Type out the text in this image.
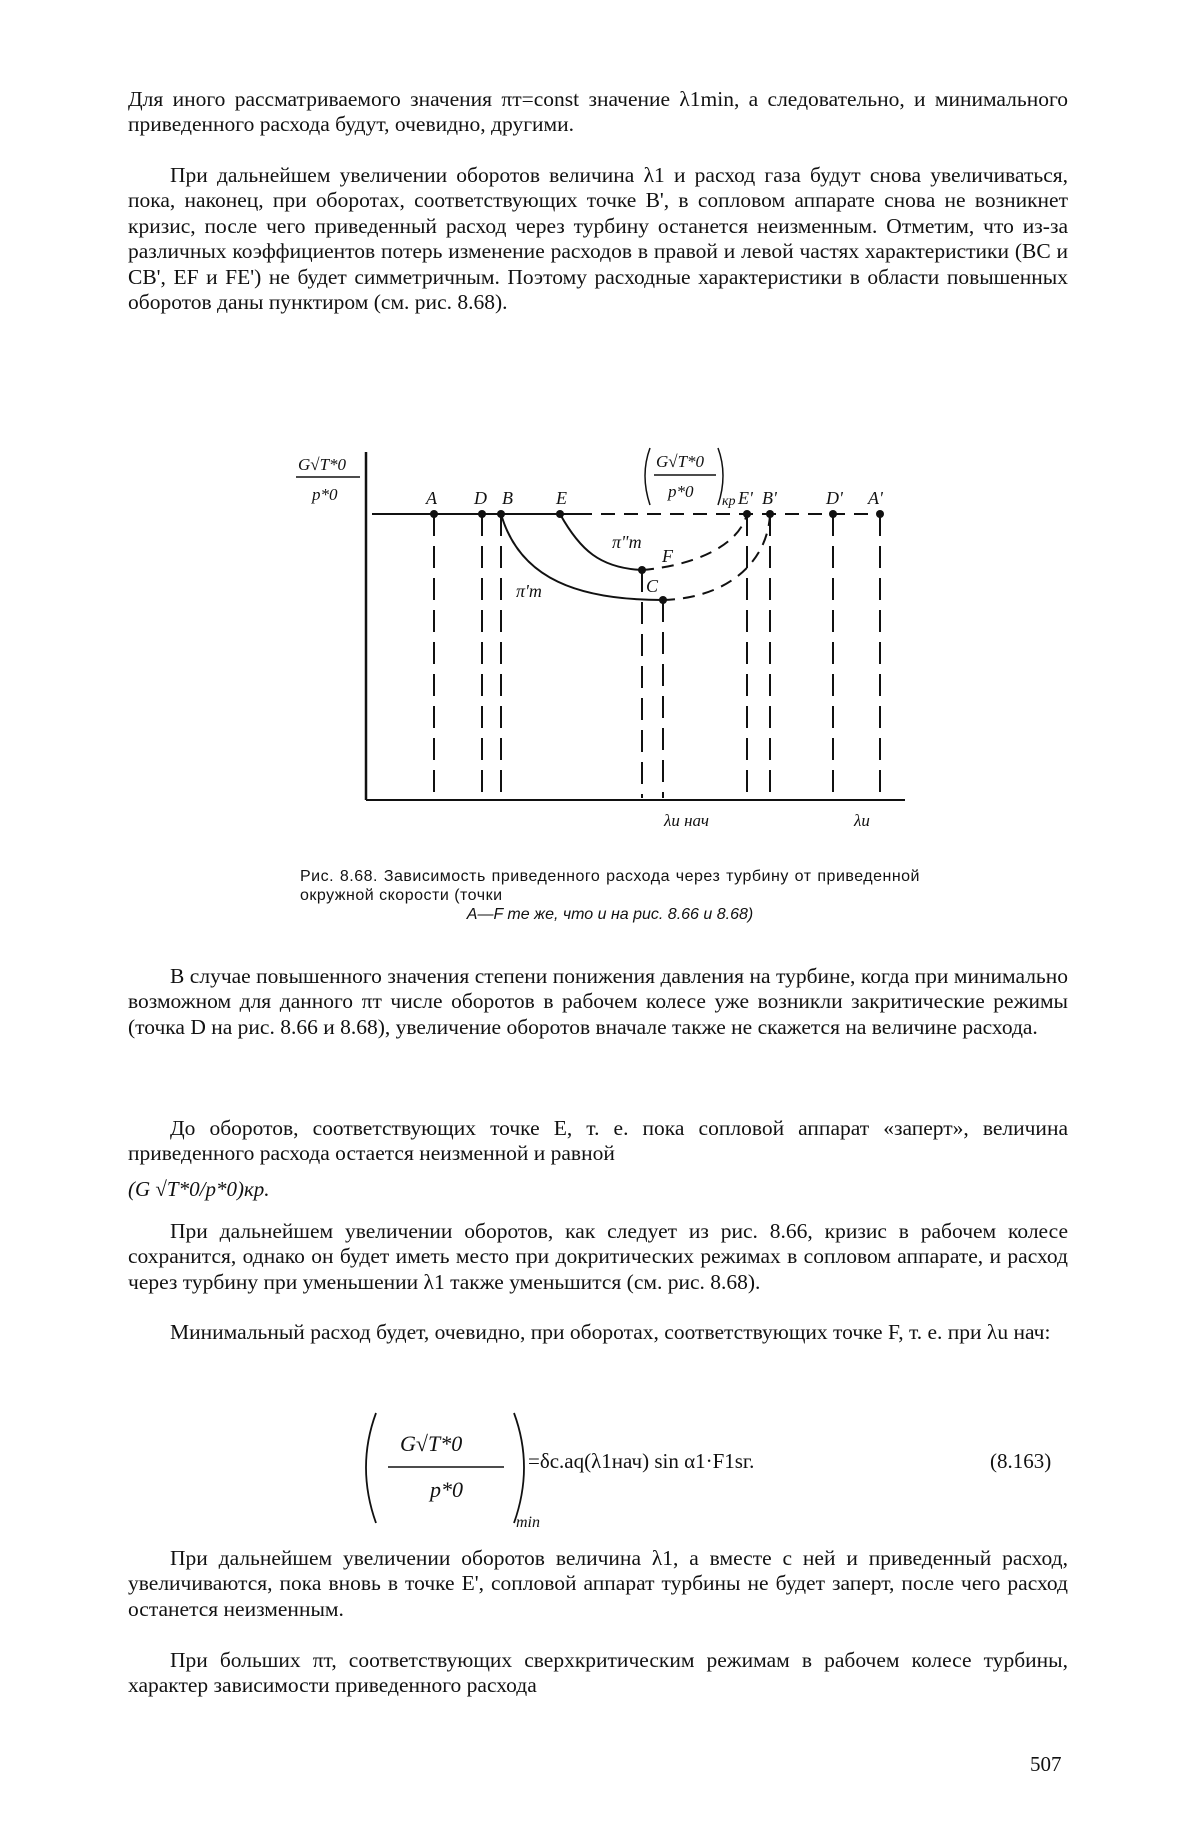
Для иного рассматриваемого значения πт=const значение λ1min, а следовательно, и минимального приведенного расхода будут, очевидно, другими.

При дальнейшем увеличении оборотов величина λ1 и расход газа будут снова увеличиваться, пока, наконец, при оборотах, соответствующих точке B', в сопловом аппарате снова не возникнет кризис, после чего приведенный расход через турбину останется неизменным. Отметим, что из-за различных коэффициентов потерь изменение расходов в правой и левой частях характеристики (BC и CB', EF и FE') не будет симметричным. Поэтому расходные характеристики в области повышенных оборотов даны пунктиром (см. рис. 8.68).

G√T*0
p*0
G√T*0
p*0
кр
A D B E
F
C
E' B'	D' A'
π"т
π'т
λu нач	λu

Рис. 8.68. Зависимость приведенного расхода через турбину от приведенной окружной скорости (точки
A—F те же, что и на рис. 8.66 и 8.68)

В случае повышенного значения степени понижения давления на турбине, когда при минимально возможном для данного πт числе оборотов в рабочем колесе уже возникли закритические режимы (точка D на рис. 8.66 и 8.68), увеличение оборотов вначале также не скажется на величине расхода.

До оборотов, соответствующих точке E, т. е. пока сопловой аппарат «заперт», величина приведенного расхода остается неизменной и равной

(G √T*0/p*0)кр.

При дальнейшем увеличении оборотов, как следует из рис. 8.66, кризис в рабочем колесе сохранится, однако он будет иметь место при докритических режимах в сопловом аппарате, и расход через турбину при уменьшении λ1 также уменьшится (см. рис. 8.68).

Минимальный расход будет, очевидно, при оборотах, соответствующих точке F, т. е. при λu нач:

G√T*0
p*0
min
=δс.аq(λ1нач) sin α1·F1sг.	(8.163)

При дальнейшем увеличении оборотов величина λ1, а вместе с ней и приведенный расход, увеличиваются, пока вновь в точке E', сопловой аппарат турбины не будет заперт, после чего расход останется неизменным.

При больших πт, соответствующих сверхкритическим режимам в рабочем колесе турбины, характер зависимости приведенного расхода

507
